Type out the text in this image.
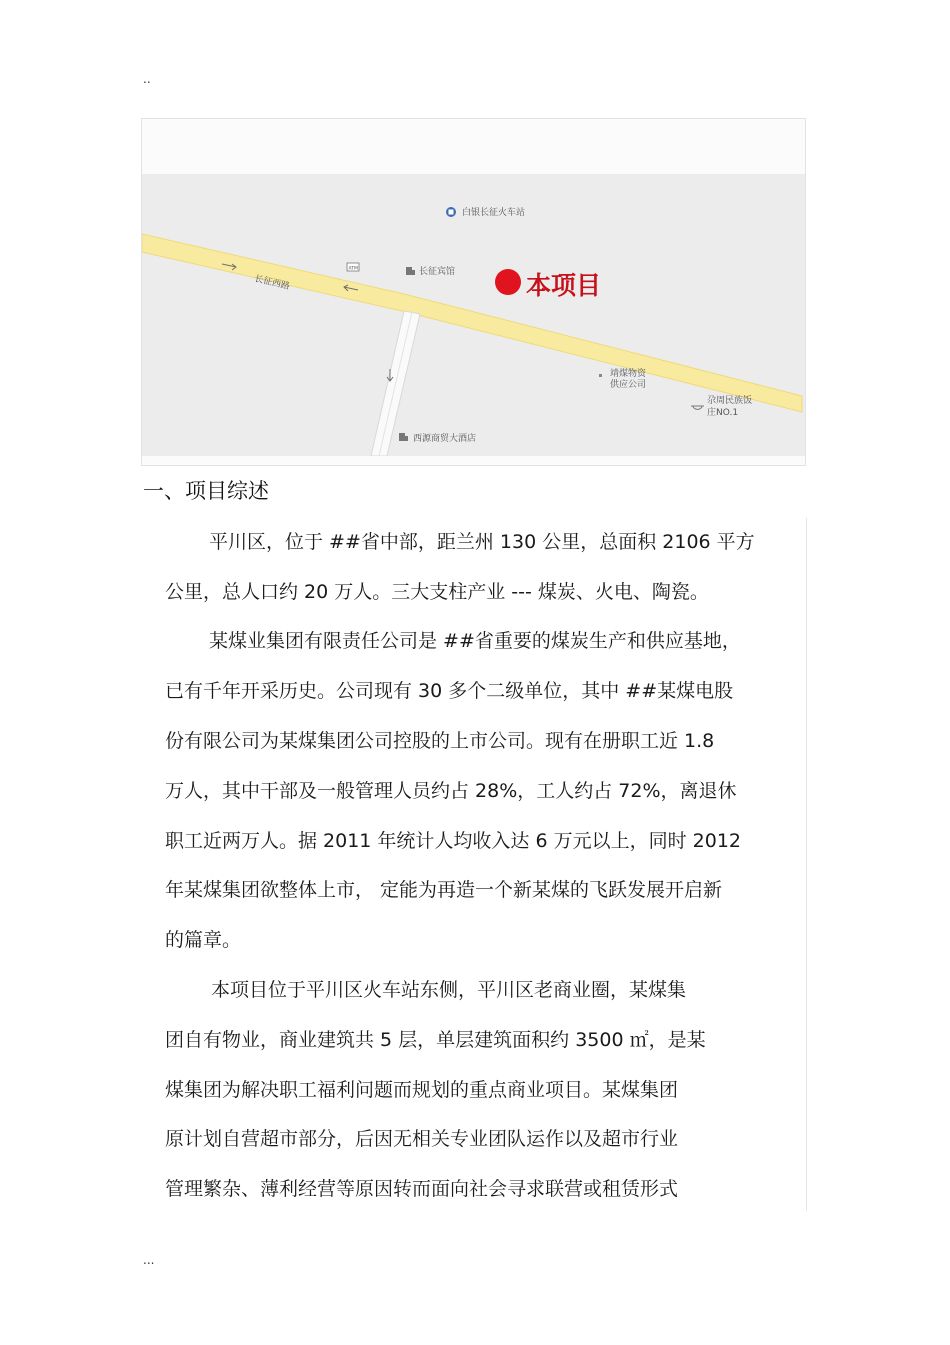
..
白银长征火车站
长征西路
ATM	长征宾馆	本项目
靖煤物资
供应公司
尕周民族饭
庄NO.1
西源商贸大酒店
一、项目综述

平川区，位于 ##省中部，距兰州 130 公里，总面积 2106 平方

公里，总人口约 20 万人。三大支柱产业 --- 煤炭、火电、陶瓷。

某煤业集团有限责任公司是 ##省重要的煤炭生产和供应基地，

已有千年开采历史。公司现有 30 多个二级单位，其中 ##某煤电股

份有限公司为某煤集团公司控股的上市公司。现有在册职工近 1.8

万人，其中干部及一般管理人员约占 28%，工人约占 72%，离退休

职工近两万人。据 2011 年统计人均收入达 6 万元以上，同时 2012

年某煤集团欲整体上市， 定能为再造一个新某煤的飞跃发展开启新

的篇章。

本项目位于平川区火车站东侧，平川区老商业圈，某煤集

团自有物业，商业建筑共 5 层，单层建筑面积约 3500 ㎡，是某

煤集团为解决职工福利问题而规划的重点商业项目。某煤集团

原计划自营超市部分，后因无相关专业团队运作以及超市行业

管理繁杂、薄利经营等原因转而面向社会寻求联营或租赁形式

...
